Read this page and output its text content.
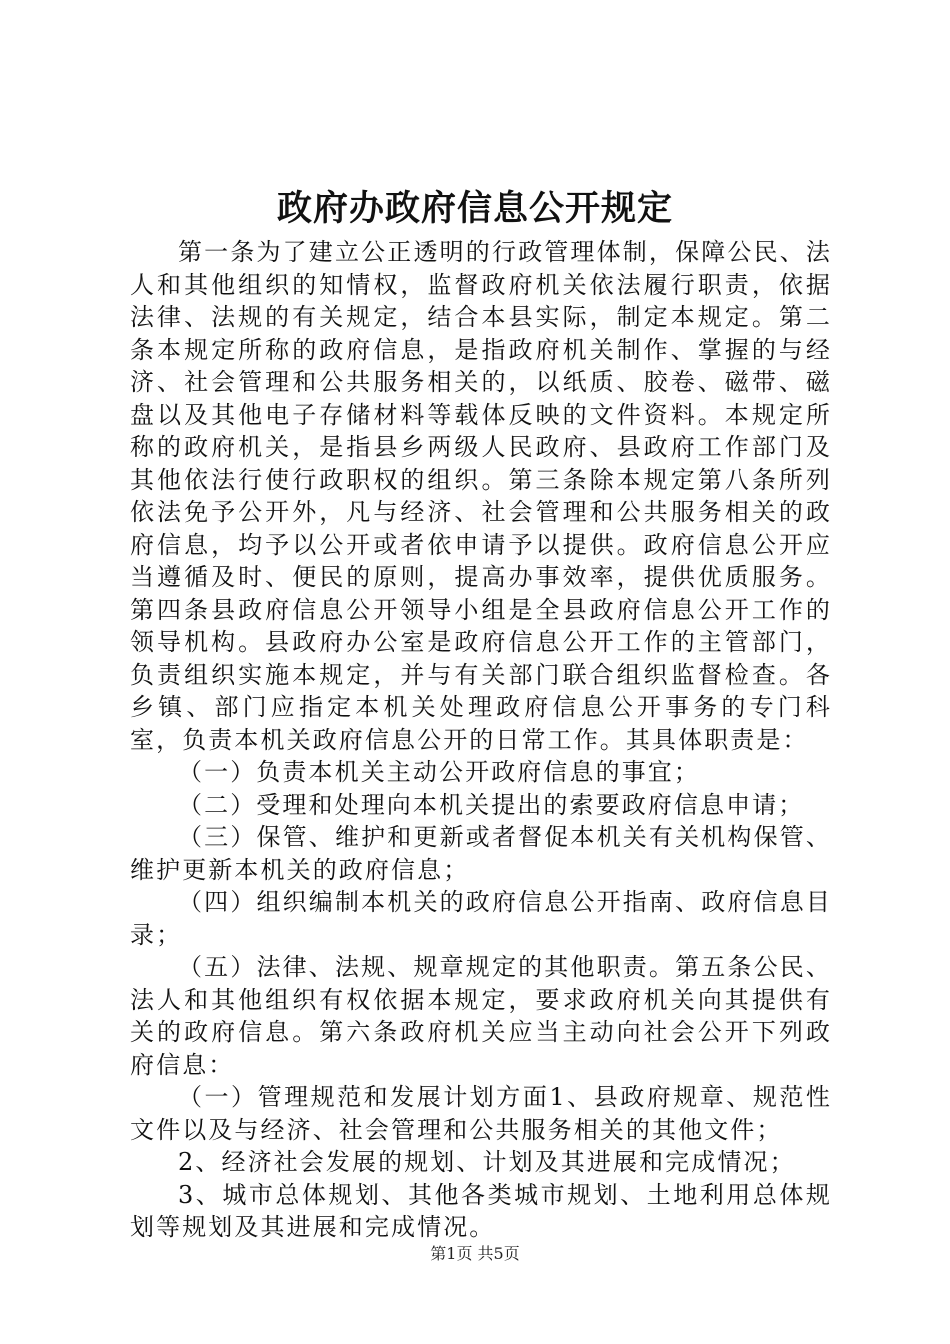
政府办政府信息公开规定

第一条为了建立公正透明的行政管理体制，保障公民、法人和其他组织的知情权，监督政府机关依法履行职责，依据法律、法规的有关规定，结合本县实际，制定本规定。第二条本规定所称的政府信息，是指政府机关制作、掌握的与经济、社会管理和公共服务相关的，以纸质、胶卷、磁带、磁盘以及其他电子存储材料等载体反映的文件资料。本规定所称的政府机关，是指县乡两级人民政府、县政府工作部门及其他依法行使行政职权的组织。第三条除本规定第八条所列依法免予公开外，凡与经济、社会管理和公共服务相关的政府信息，均予以公开或者依申请予以提供。政府信息公开应当遵循及时、便民的原则，提高办事效率，提供优质服务。第四条县政府信息公开领导小组是全县政府信息公开工作的领导机构。县政府办公室是政府信息公开工作的主管部门，负责组织实施本规定，并与有关部门联合组织监督检查。各乡镇、部门应指定本机关处理政府信息公开事务的专门科室，负责本机关政府信息公开的日常工作。其具体职责是：

（一）负责本机关主动公开政府信息的事宜；

（二）受理和处理向本机关提出的索要政府信息申请；

（三）保管、维护和更新或者督促本机关有关机构保管、维护更新本机关的政府信息；

（四）组织编制本机关的政府信息公开指南、政府信息目录；

（五）法律、法规、规章规定的其他职责。第五条公民、法人和其他组织有权依据本规定，要求政府机关向其提供有关的政府信息。第六条政府机关应当主动向社会公开下列政府信息：

（一）管理规范和发展计划方面1、县政府规章、规范性文件以及与经济、社会管理和公共服务相关的其他文件；

2、经济社会发展的规划、计划及其进展和完成情况；

3、城市总体规划、其他各类城市规划、土地利用总体规划等规划及其进展和完成情况。

第1页 共5页
